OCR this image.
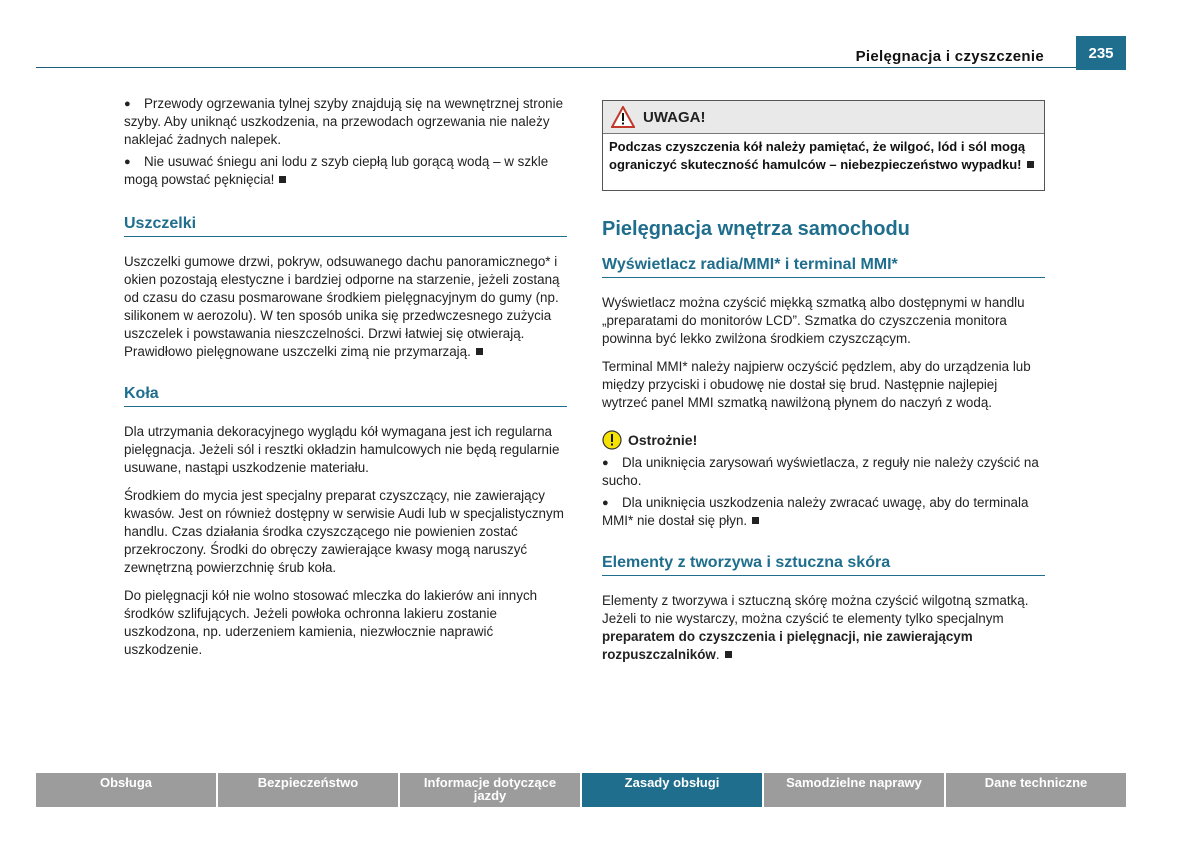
Pielęgnacja i czyszczenie	235
● Przewody ogrzewania tylnej szyby znajdują się na wewnętrznej stronie szyby. Aby uniknąć uszkodzenia, na przewodach ogrzewania nie należy naklejać żadnych nalepek.
● Nie usuwać śniegu ani lodu z szyb ciepłą lub gorącą wodą – w szkle mogą powstać pęknięcia!
Uszczelki

Uszczelki gumowe drzwi, pokryw, odsuwanego dachu panoramicznego* i okien pozostają elestyczne i bardziej odporne na starzenie, jeżeli zostaną od czasu do czasu posmarowane środkiem pielęgnacyjnym do gumy (np. silikonem w aerozolu). W ten sposób unika się przedwczesnego zużycia uszczelek i powstawania nieszczelności. Drzwi łatwiej się otwierają. Prawidłowo pielęgnowane uszczelki zimą nie przymarzają.

Koła

Dla utrzymania dekoracyjnego wyglądu kół wymagana jest ich regularna pielęgnacja. Jeżeli sól i resztki okładzin hamulcowych nie będą regularnie usuwane, nastąpi uszkodzenie materiału.

Środkiem do mycia jest specjalny preparat czyszczący, nie zawierający kwasów. Jest on również dostępny w serwisie Audi lub w specjalistycznym handlu. Czas działania środka czyszczącego nie powienien zostać przekroczony. Środki do obręczy zawierające kwasy mogą naruszyć zewnętrzną powierzchnię śrub koła.

Do pielęgnacji kół nie wolno stosować mleczka do lakierów ani innych środków szlifujących. Jeżeli powłoka ochronna lakieru zostanie uszkodzona, np. uderzeniem kamienia, niezwłocznie naprawić uszkodzenie.

UWAGA!
Podczas czyszczenia kół należy pamiętać, że wilgoć, lód i sól mogą ograniczyć skuteczność hamulców – niebezpieczeństwo wypadku!
Pielęgnacja wnętrza samochodu
Wyświetlacz radia/MMI* i terminal MMI*

Wyświetlacz można czyścić miękką szmatką albo dostępnymi w handlu „preparatami do monitorów LCD”. Szmatka do czyszczenia monitora powinna być lekko zwilżona środkiem czyszczącym.

Terminal MMI* należy najpierw oczyścić pędzlem, aby do urządzenia lub między przyciski i obudowę nie dostał się brud. Następnie najlepiej wytrzeć panel MMI szmatką nawilżoną płynem do naczyń z wodą.

Ostrożnie!
● Dla uniknięcia zarysowań wyświetlacza, z reguły nie należy czyścić na sucho.
● Dla uniknięcia uszkodzenia należy zwracać uwagę, aby do terminala MMI* nie dostał się płyn.
Elementy z tworzywa i sztuczna skóra

Elementy z tworzywa i sztuczną skórę można czyścić wilgotną szmatką. Jeżeli to nie wystarczy, można czyścić te elementy tylko specjalnym preparatem do czyszczenia i pielęgnacji, nie zawierającym rozpuszczalników.

Obsługa	Bezpieczeństwo	Informacje dotyczące jazdy
Zasady obsługi	Samodzielne naprawy	Dane techniczne
